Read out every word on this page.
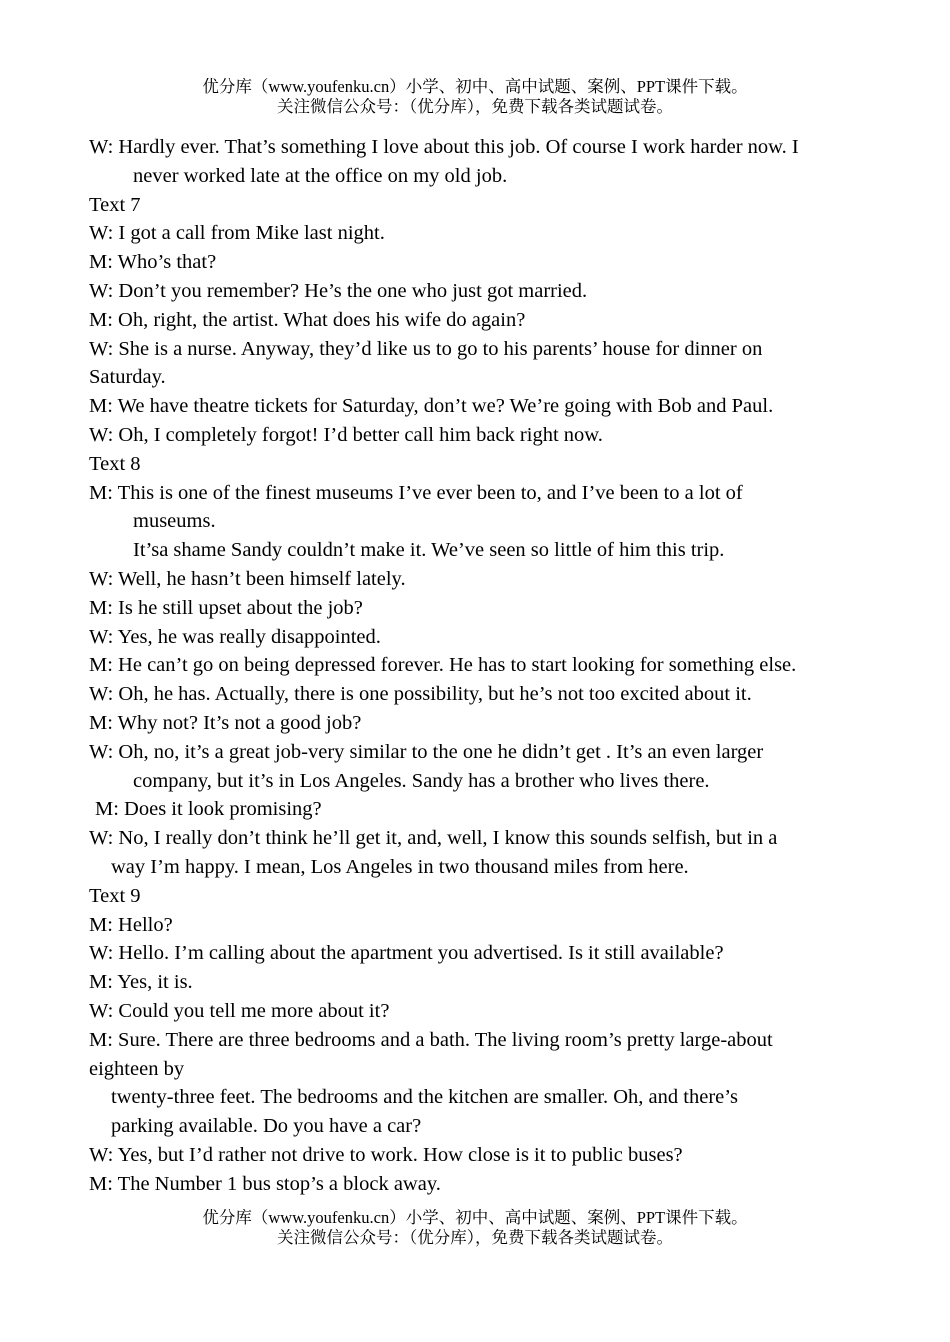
优分库（www.youfenku.cn）小学、初中、高中试题、案例、PPT课件下载。
关注微信公众号：（优分库），免费下载各类试题试卷。
W: Hardly ever. That’s something I love about this job. Of course I work harder now. I
never worked late at the office on my old job.
Text 7
W: I got a call from Mike last night.
M: Who’s that?
W: Don’t you remember? He’s the one who just got married.
M: Oh, right, the artist. What does his wife do again?
W: She is a nurse. Anyway, they’d like us to go to his parents’ house for dinner on
Saturday.
M: We have theatre tickets for Saturday, don’t we? We’re going with Bob and Paul.
W: Oh, I completely forgot! I’d better call him back right now.
Text 8
M: This is one of the finest museums I’ve ever been to, and I’ve been to a lot of
museums.
It’sa shame Sandy couldn’t make it. We’ve seen so little of him this trip.
W: Well, he hasn’t been himself lately.
M: Is he still upset about the job?
W: Yes, he was really disappointed.
M: He can’t go on being depressed forever. He has to start looking for something else.
W: Oh, he has. Actually, there is one possibility, but he’s not too excited about it.
M: Why not? It’s not a good job?
W: Oh, no, it’s a great job-very similar to the one he didn’t get . It’s an even larger
company, but it’s in Los Angeles. Sandy has a brother who lives there.
M: Does it look promising?
W: No, I really don’t think he’ll get it, and, well, I know this sounds selfish, but in a
way I’m happy. I mean, Los Angeles in two thousand miles from here.
Text 9
M: Hello?
W: Hello. I’m calling about the apartment you advertised. Is it still available?
M: Yes, it is.
W: Could you tell me more about it?
M: Sure. There are three bedrooms and a bath. The living room’s pretty large-about
eighteen by
twenty-three feet. The bedrooms and the kitchen are smaller. Oh, and there’s
parking available. Do you have a car?
W: Yes, but I’d rather not drive to work. How close is it to public buses?
M: The Number 1 bus stop’s a block away.
优分库（www.youfenku.cn）小学、初中、高中试题、案例、PPT课件下载。
关注微信公众号：（优分库），免费下载各类试题试卷。
